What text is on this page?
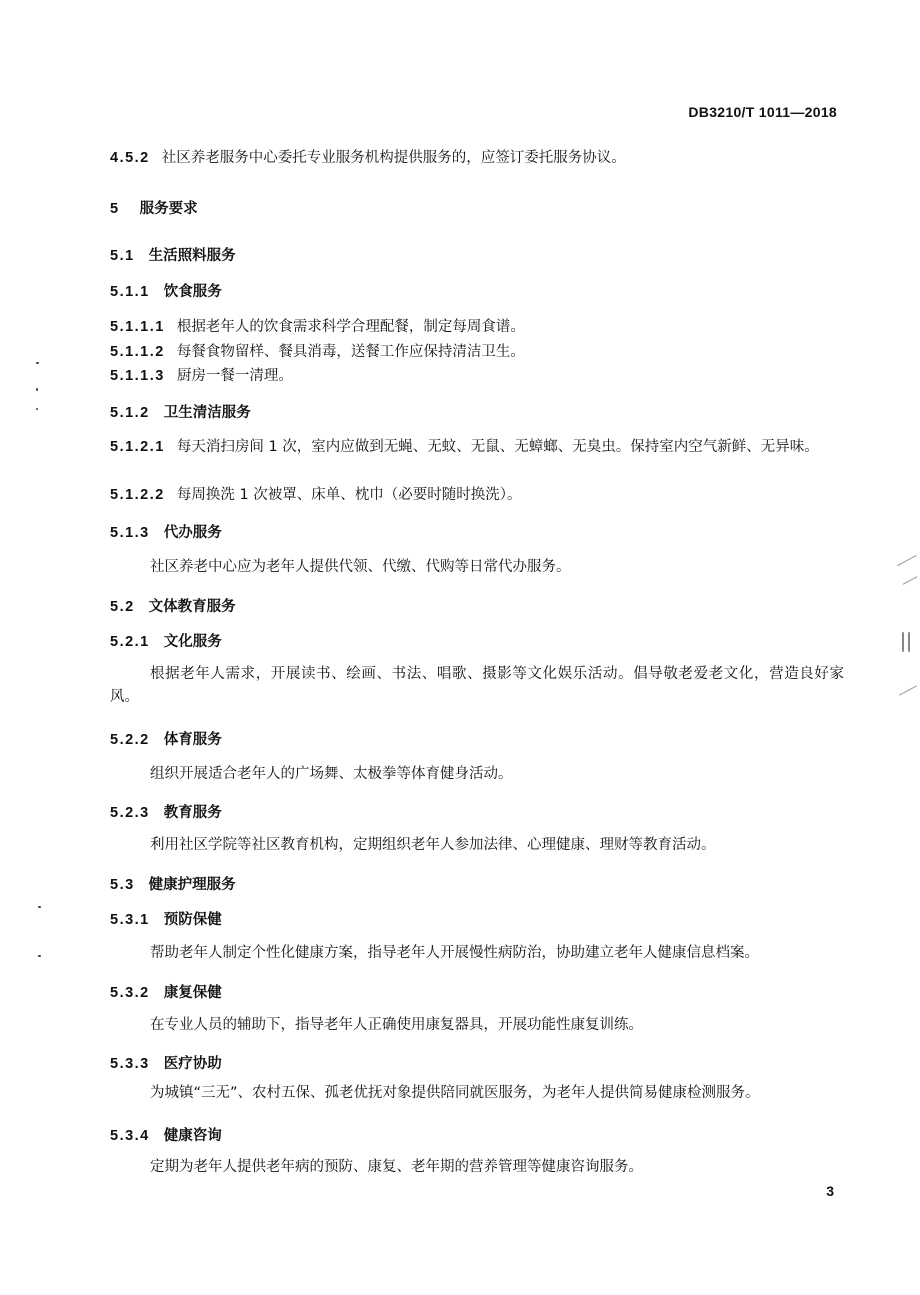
DB3210/T 1011—2018
4.5.2 社区养老服务中心委托专业服务机构提供服务的，应签订委托服务协议。
5 服务要求
5.1 生活照料服务
5.1.1 饮食服务
5.1.1.1 根据老年人的饮食需求科学合理配餐，制定每周食谱。
5.1.1.2 每餐食物留样、餐具消毒，送餐工作应保持清洁卫生。
5.1.1.3 厨房一餐一清理。
5.1.2 卫生清洁服务
5.1.2.1 每天消扫房间 1 次，室内应做到无蝇、无蚊、无鼠、无蟑螂、无臭虫。保持室内空气新鲜、无异味。
5.1.2.2 每周换洗 1 次被罩、床单、枕巾（必要时随时换洗）。
5.1.3 代办服务
社区养老中心应为老年人提供代领、代缴、代购等日常代办服务。
5.2 文体教育服务
5.2.1 文化服务
根据老年人需求，开展读书、绘画、书法、唱歌、摄影等文化娱乐活动。倡导敬老爱老文化，营造良好家风。
5.2.2 体育服务
组织开展适合老年人的广场舞、太极拳等体育健身活动。
5.2.3 教育服务
利用社区学院等社区教育机构，定期组织老年人参加法律、心理健康、理财等教育活动。
5.3 健康护理服务
5.3.1 预防保健
帮助老年人制定个性化健康方案，指导老年人开展慢性病防治，协助建立老年人健康信息档案。
5.3.2 康复保健
在专业人员的辅助下，指导老年人正确使用康复器具，开展功能性康复训练。
5.3.3 医疗协助
为城镇“三无”、农村五保、孤老优抚对象提供陪同就医服务，为老年人提供简易健康检测服务。
5.3.4 健康咨询
定期为老年人提供老年病的预防、康复、老年期的营养管理等健康咨询服务。
3
